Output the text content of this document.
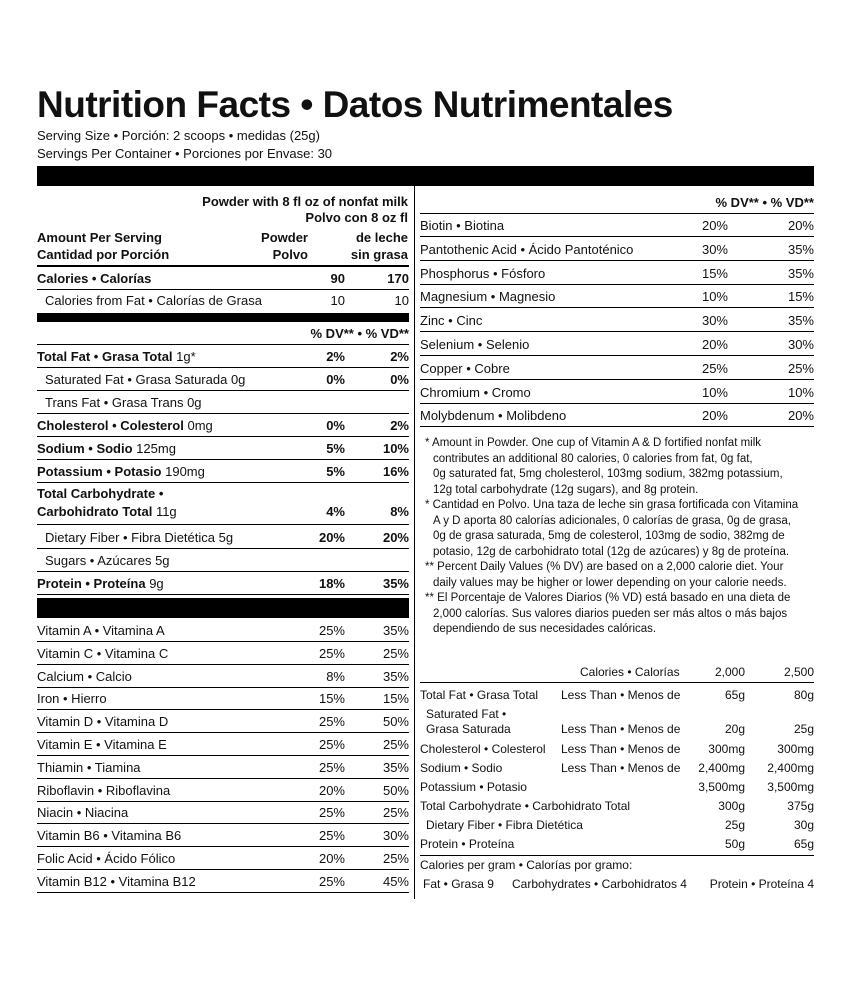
Nutrition Facts • Datos Nutrimentales
Serving Size • Porción: 2 scoops • medidas (25g)
Servings Per Container • Porciones por Envase: 30
Powder with 8 fl oz of nonfat milk
Polvo con 8 oz fl
Amount Per Serving
Cantidad por Porción
Powder
Polvo
de leche
sin grasa
Calories • Calorías	90	170
Calories from Fat • Calorías de Grasa	10	10
% DV** • % VD**
Total Fat • Grasa Total 1g*	2%	2%
Saturated Fat • Grasa Saturada 0g	0%	0%
Trans Fat • Grasa Trans 0g
Cholesterol • Colesterol 0mg	0%	2%
Sodium • Sodio 125mg	5%	10%
Potassium • Potasio 190mg	5%	16%
Total Carbohydrate •
Carbohidrato Total 11g	4%	8%
Dietary Fiber • Fibra Dietética 5g	20%	20%
Sugars • Azúcares 5g
Protein • Proteína 9g	18%	35%
Vitamin A • Vitamina A	25%	35%
Vitamin C • Vitamina C	25%	25%
Calcium • Calcio	8%	35%
Iron • Hierro	15%	15%
Vitamin D • Vitamina D	25%	50%
Vitamin E • Vitamina E	25%	25%
Thiamin • Tiamina	25%	35%
Riboflavin • Riboflavina	20%	50%
Niacin • Niacina	25%	25%
Vitamin B6 • Vitamina B6	25%	30%
Folic Acid • Ácido Fólico	20%	25%
Vitamin B12 • Vitamina B12	25%	45%
% DV** • % VD**
Biotin • Biotina	20%	20%
Pantothenic Acid • Ácido Pantoténico	30%	35%
Phosphorus • Fósforo	15%	35%
Magnesium • Magnesio	10%	15%
Zinc • Cinc	30%	35%
Selenium • Selenio	20%	30%
Copper • Cobre	25%	25%
Chromium • Cromo	10%	10%
Molybdenum • Molibdeno	20%	20%
* Amount in Powder. One cup of Vitamin A & D fortified nonfat milk
contributes an additional 80 calories, 0 calories from fat, 0g fat,
0g saturated fat, 5mg cholesterol, 103mg sodium, 382mg potassium,
12g total carbohydrate (12g sugars), and 8g protein.
* Cantidad en Polvo. Una taza de leche sin grasa fortificada con Vitamina
A y D aporta 80 calorías adicionales, 0 calorías de grasa, 0g de grasa,
0g de grasa saturada, 5mg de colesterol, 103mg de sodio, 382mg de
potasio, 12g de carbohidrato total (12g de azúcares) y 8g de proteína.
** Percent Daily Values (% DV) are based on a 2,000 calorie diet. Your
daily values may be higher or lower depending on your calorie needs.
** El Porcentaje de Valores Diarios (% VD) está basado en una dieta de
2,000 calorías. Sus valores diarios pueden ser más altos o más bajos
dependiendo de sus necesidades calóricas.
Calories • Calorías	2,000	2,500
Total Fat • Grasa Total Less Than • Menos de	65g	80g
Saturated Fat •
Grasa Saturada	Less Than • Menos de	20g	25g
Cholesterol • Colesterol Less Than • Menos de	300mg	300mg
Sodium • Sodio	Less Than • Menos de	2,400mg	2,400mg
Potassium • Potasio	3,500mg	3,500mg
Total Carbohydrate • Carbohidrato Total	300g	375g
Dietary Fiber • Fibra Dietética	25g	30g
Protein • Proteína	50g	65g
Calories per gram • Calorías por gramo:
Fat • Grasa 9 Carbohydrates • Carbohidratos 4 Protein • Proteína 4
